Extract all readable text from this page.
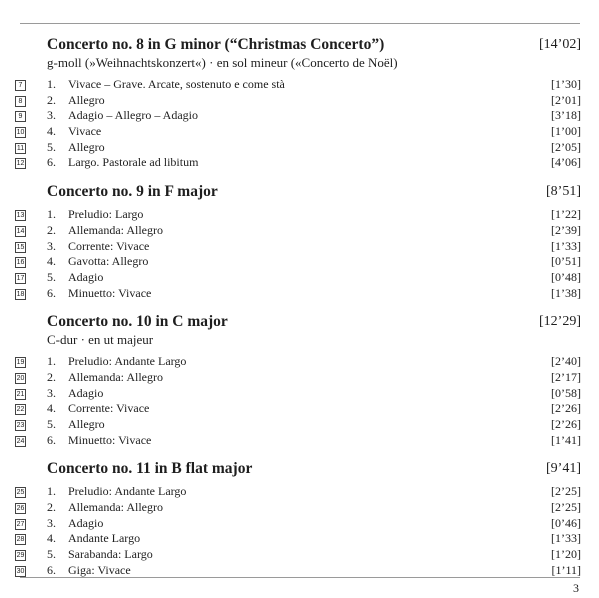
Concerto no. 8 in G minor (“Christmas Concerto”)	[14’02]
g-moll (»Weihnachtskonzert«) · en sol mineur («Concerto de Noël)
7 1. Vivace – Grave. Arcate, sostenuto e come stà	[1’30]
8 2. Allegro	[2’01]
9 3. Adagio – Allegro – Adagio	[3’18]
10 4. Vivace	[1’00]
11 5. Allegro	[2’05]
12 6. Largo. Pastorale ad libitum	[4’06]
Concerto no. 9 in F major	[8’51]
13 1. Preludio: Largo	[1’22]
14 2. Allemanda: Allegro	[2’39]
15 3. Corrente: Vivace	[1’33]
16 4. Gavotta: Allegro	[0’51]
17 5. Adagio	[0’48]
18 6. Minuetto: Vivace	[1’38]
Concerto no. 10 in C major	[12’29]
C-dur · en ut majeur
19 1. Preludio: Andante Largo	[2’40]
20 2. Allemanda: Allegro	[2’17]
21 3. Adagio	[0’58]
22 4. Corrente: Vivace	[2’26]
23 5. Allegro	[2’26]
24 6. Minuetto: Vivace	[1’41]
Concerto no. 11 in B flat major	[9’41]
25 1. Preludio: Andante Largo	[2’25]
26 2. Allemanda: Allegro	[2’25]
27 3. Adagio	[0’46]
28 4. Andante Largo	[1’33]
29 5. Sarabanda: Largo	[1’20]
30 6. Giga: Vivace	[1’11]
3
